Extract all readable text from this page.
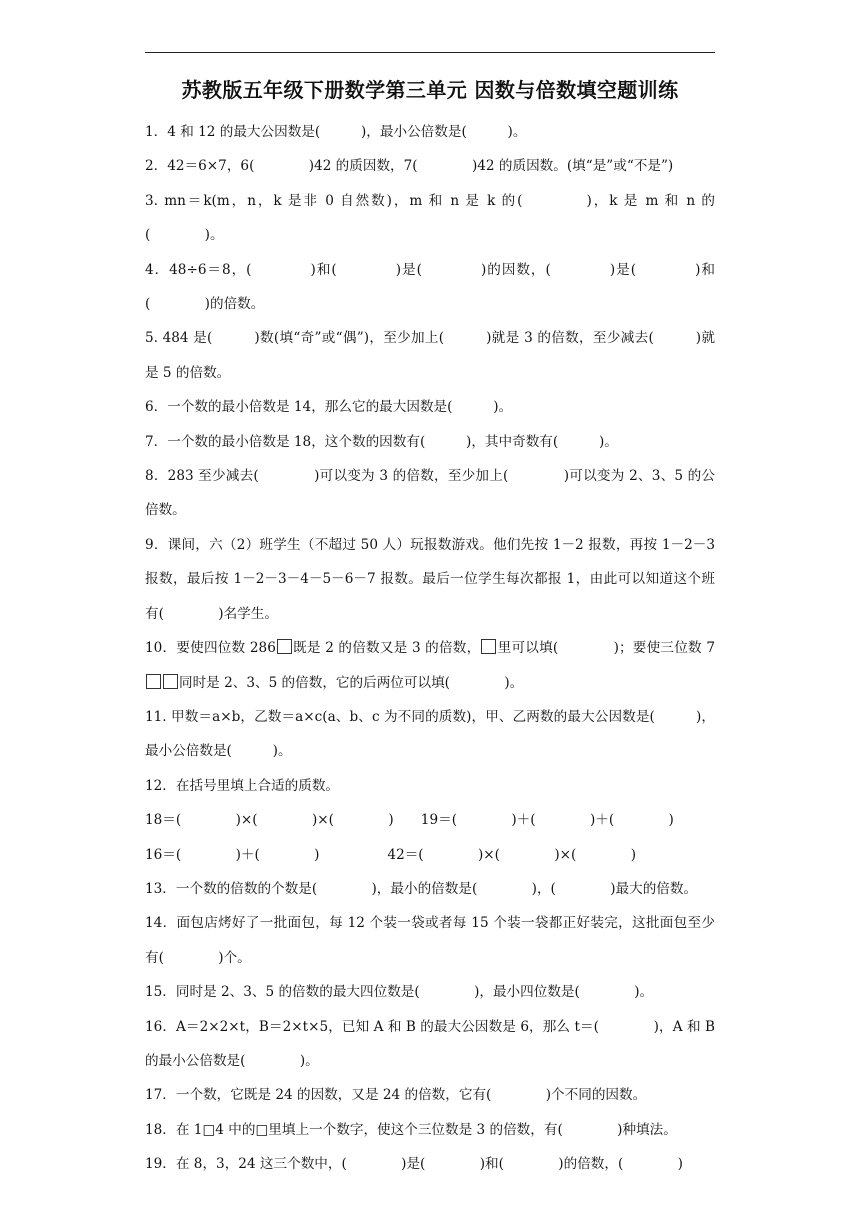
苏教版五年级下册数学第三单元 因数与倍数填空题训练
1．4 和 12 的最大公因数是(　　　)，最小公倍数是(　　　)。
2．42＝6×7，6(　　　　)42 的质因数，7(　　　　)42 的质因数。(填“是”或“不是”)
3. mn＝k(m，n，k 是非 0 自然数)，m 和 n 是 k 的(　　　　)，k 是 m 和 n 的(　　　　)。
4．48÷6＝8，(　　　　)和(　　　　)是(　　　　)的因数，(　　　　)是(　　　　)和(　　　　)的倍数。
5. 484 是(　　　)数(填“奇”或“偶”)，至少加上(　　　)就是 3 的倍数，至少减去(　　　)就是 5 的倍数。
6．一个数的最小倍数是 14，那么它的最大因数是(　　　)。
7．一个数的最小倍数是 18，这个数的因数有(　　　)，其中奇数有(　　　)。
8．283 至少减去(　　　　)可以变为 3 的倍数，至少加上(　　　　)可以变为 2、3、5 的公倍数。
9．课间，六（2）班学生（不超过 50 人）玩报数游戏。他们先按 1－2 报数，再按 1－2－3 报数，最后按 1－2－3－4－5－6－7 报数。最后一位学生每次都报 1，由此可以知道这个班有(　　　　)名学生。
10．要使四位数 286 既是 2 的倍数又是 3 的倍数， 里可以填(　　　　)；要使三位数 7同时是 2、3、5 的倍数，它的后两位可以填(　　　　)。
11. 甲数＝a×b，乙数＝a×c(a、b、c 为不同的质数)，甲、乙两数的最大公因数是(　　　)，最小公倍数是(　　　)。
12．在括号里填上合适的质数。
18＝(　　　　)×(　　　　)×(　　　　)　　19＝(　　　　)＋(　　　　)＋(　　　　)
16＝(　　　　)＋(　　　　)　　　　　42＝(　　　　)×(　　　　)×(　　　　)
13．一个数的倍数的个数是(　　　　)，最小的倍数是(　　　　)，(　　　　)最大的倍数。
14．面包店烤好了一批面包，每 12 个装一袋或者每 15 个装一袋都正好装完，这批面包至少有(　　　　)个。
15．同时是 2、3、5 的倍数的最大四位数是(　　　　)，最小四位数是(　　　　)。
16．A＝2×2×t，B＝2×t×5，已知 A 和 B 的最大公因数是 6，那么 t＝(　　　　)，A 和 B 的最小公倍数是(　　　　)。
17．一个数，它既是 24 的因数，又是 24 的倍数，它有(　　　　)个不同的因数。
18．在 1□4 中的□里填上一个数字，使这个三位数是 3 的倍数，有(　　　　)种填法。
19．在 8，3，24 这三个数中，(　　　　)是(　　　　)和(　　　　)的倍数，(　　　　)
